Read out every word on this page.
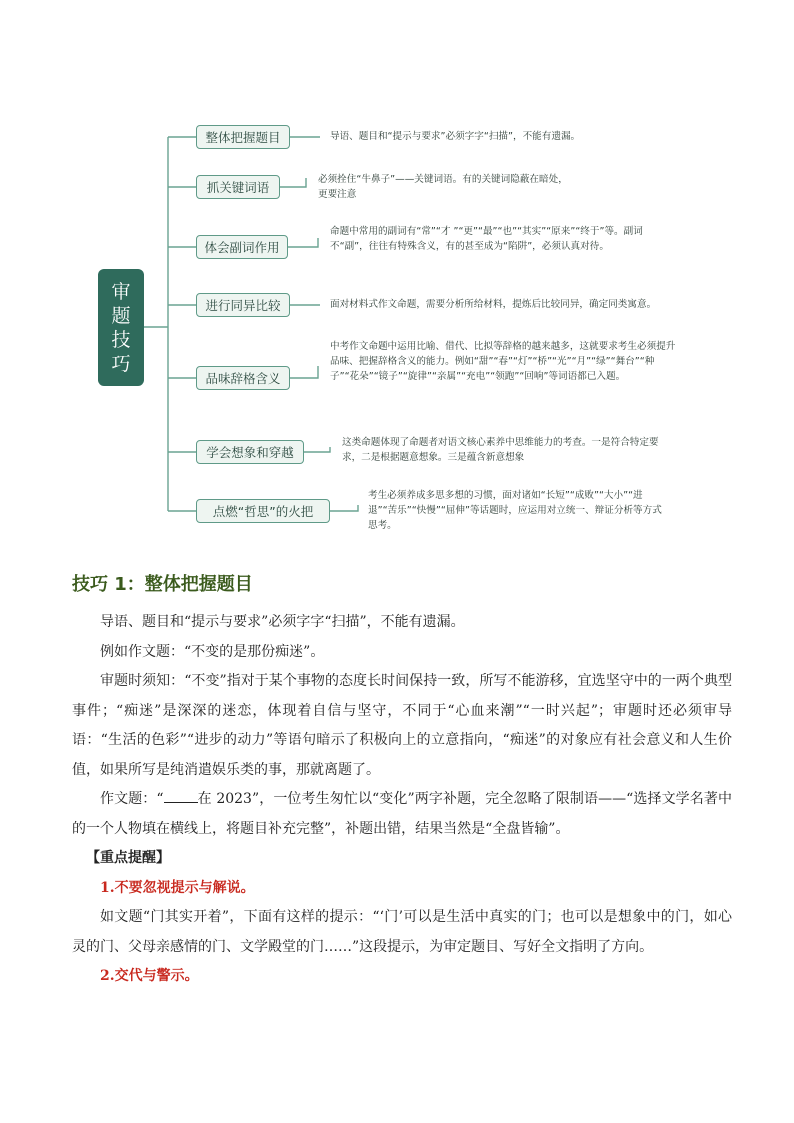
审
题
技
巧
整体把握题目	导语、题目和“提示与要求”必须字字“扫描”，不能有遗漏。
抓关键词语
必须拴住“牛鼻子”——关键词语。有的关键词隐蔽在暗处，更要注意
体会副词作用
命题中常用的副词有“常”“才 ”“更”“最”“也”“其实”“原来”“终于”等。副词不“副”，往往有特殊含义，有的甚至成为“陷阱”，必须认真对待。
进行同异比较	面对材料式作文命题，需要分析所给材料，提炼后比较同异，确定同类寓意。
品味辞格含义
中考作文命题中运用比喻、借代、比拟等辞格的越来越多，这就要求考生必须提升品味、把握辞格含义的能力。例如“甜”“春”“灯”“桥”“光”“月”“绿”“舞台”“种子”“花朵”“镜子”“旋律”“亲属”“充电”“领跑”“回响”等词语都已入题。
学会想象和穿越
这类命题体现了命题者对语文核心素养中思维能力的考查。一是符合特定要求，二是根据题意想象。三是蕴含新意想象
点燃“哲思”的火把
考生必须养成多思多想的习惯，面对诸如“长短”“成败”“大小”“进退”“苦乐”“快慢”“屈伸”等话题时，应运用对立统一、辩证分析等方式思考。
技巧 1：整体把握题目

导语、题目和“提示与要求”必须字字“扫描”，不能有遗漏。

例如作文题：“不变的是那份痴迷”。

审题时须知：“不变”指对于某个事物的态度长时间保持一致，所写不能游移，宜选坚守中的一两个典型事件；“痴迷”是深深的迷恋，体现着自信与坚守，不同于“心血来潮”“一时兴起”；审题时还必须审导语：“生活的色彩”“进步的动力”等语句暗示了积极向上的立意指向，“痴迷”的对象应有社会意义和人生价值，如果所写是纯消遣娱乐类的事，那就离题了。

作文题：“ 在 2023”，一位考生匆忙以“变化”两字补题，完全忽略了限制语——“选择文学名著中的一个人物填在横线上，将题目补充完整”，补题出错，结果当然是“全盘皆输”。

【重点提醒】

1.不要忽视提示与解说。

如文题“门其实开着”，下面有这样的提示：“‘门’可以是生活中真实的门；也可以是想象中的门，如心灵的门、父母亲感情的门、文学殿堂的门……”这段提示，为审定题目、写好全文指明了方向。

2.交代与警示。
